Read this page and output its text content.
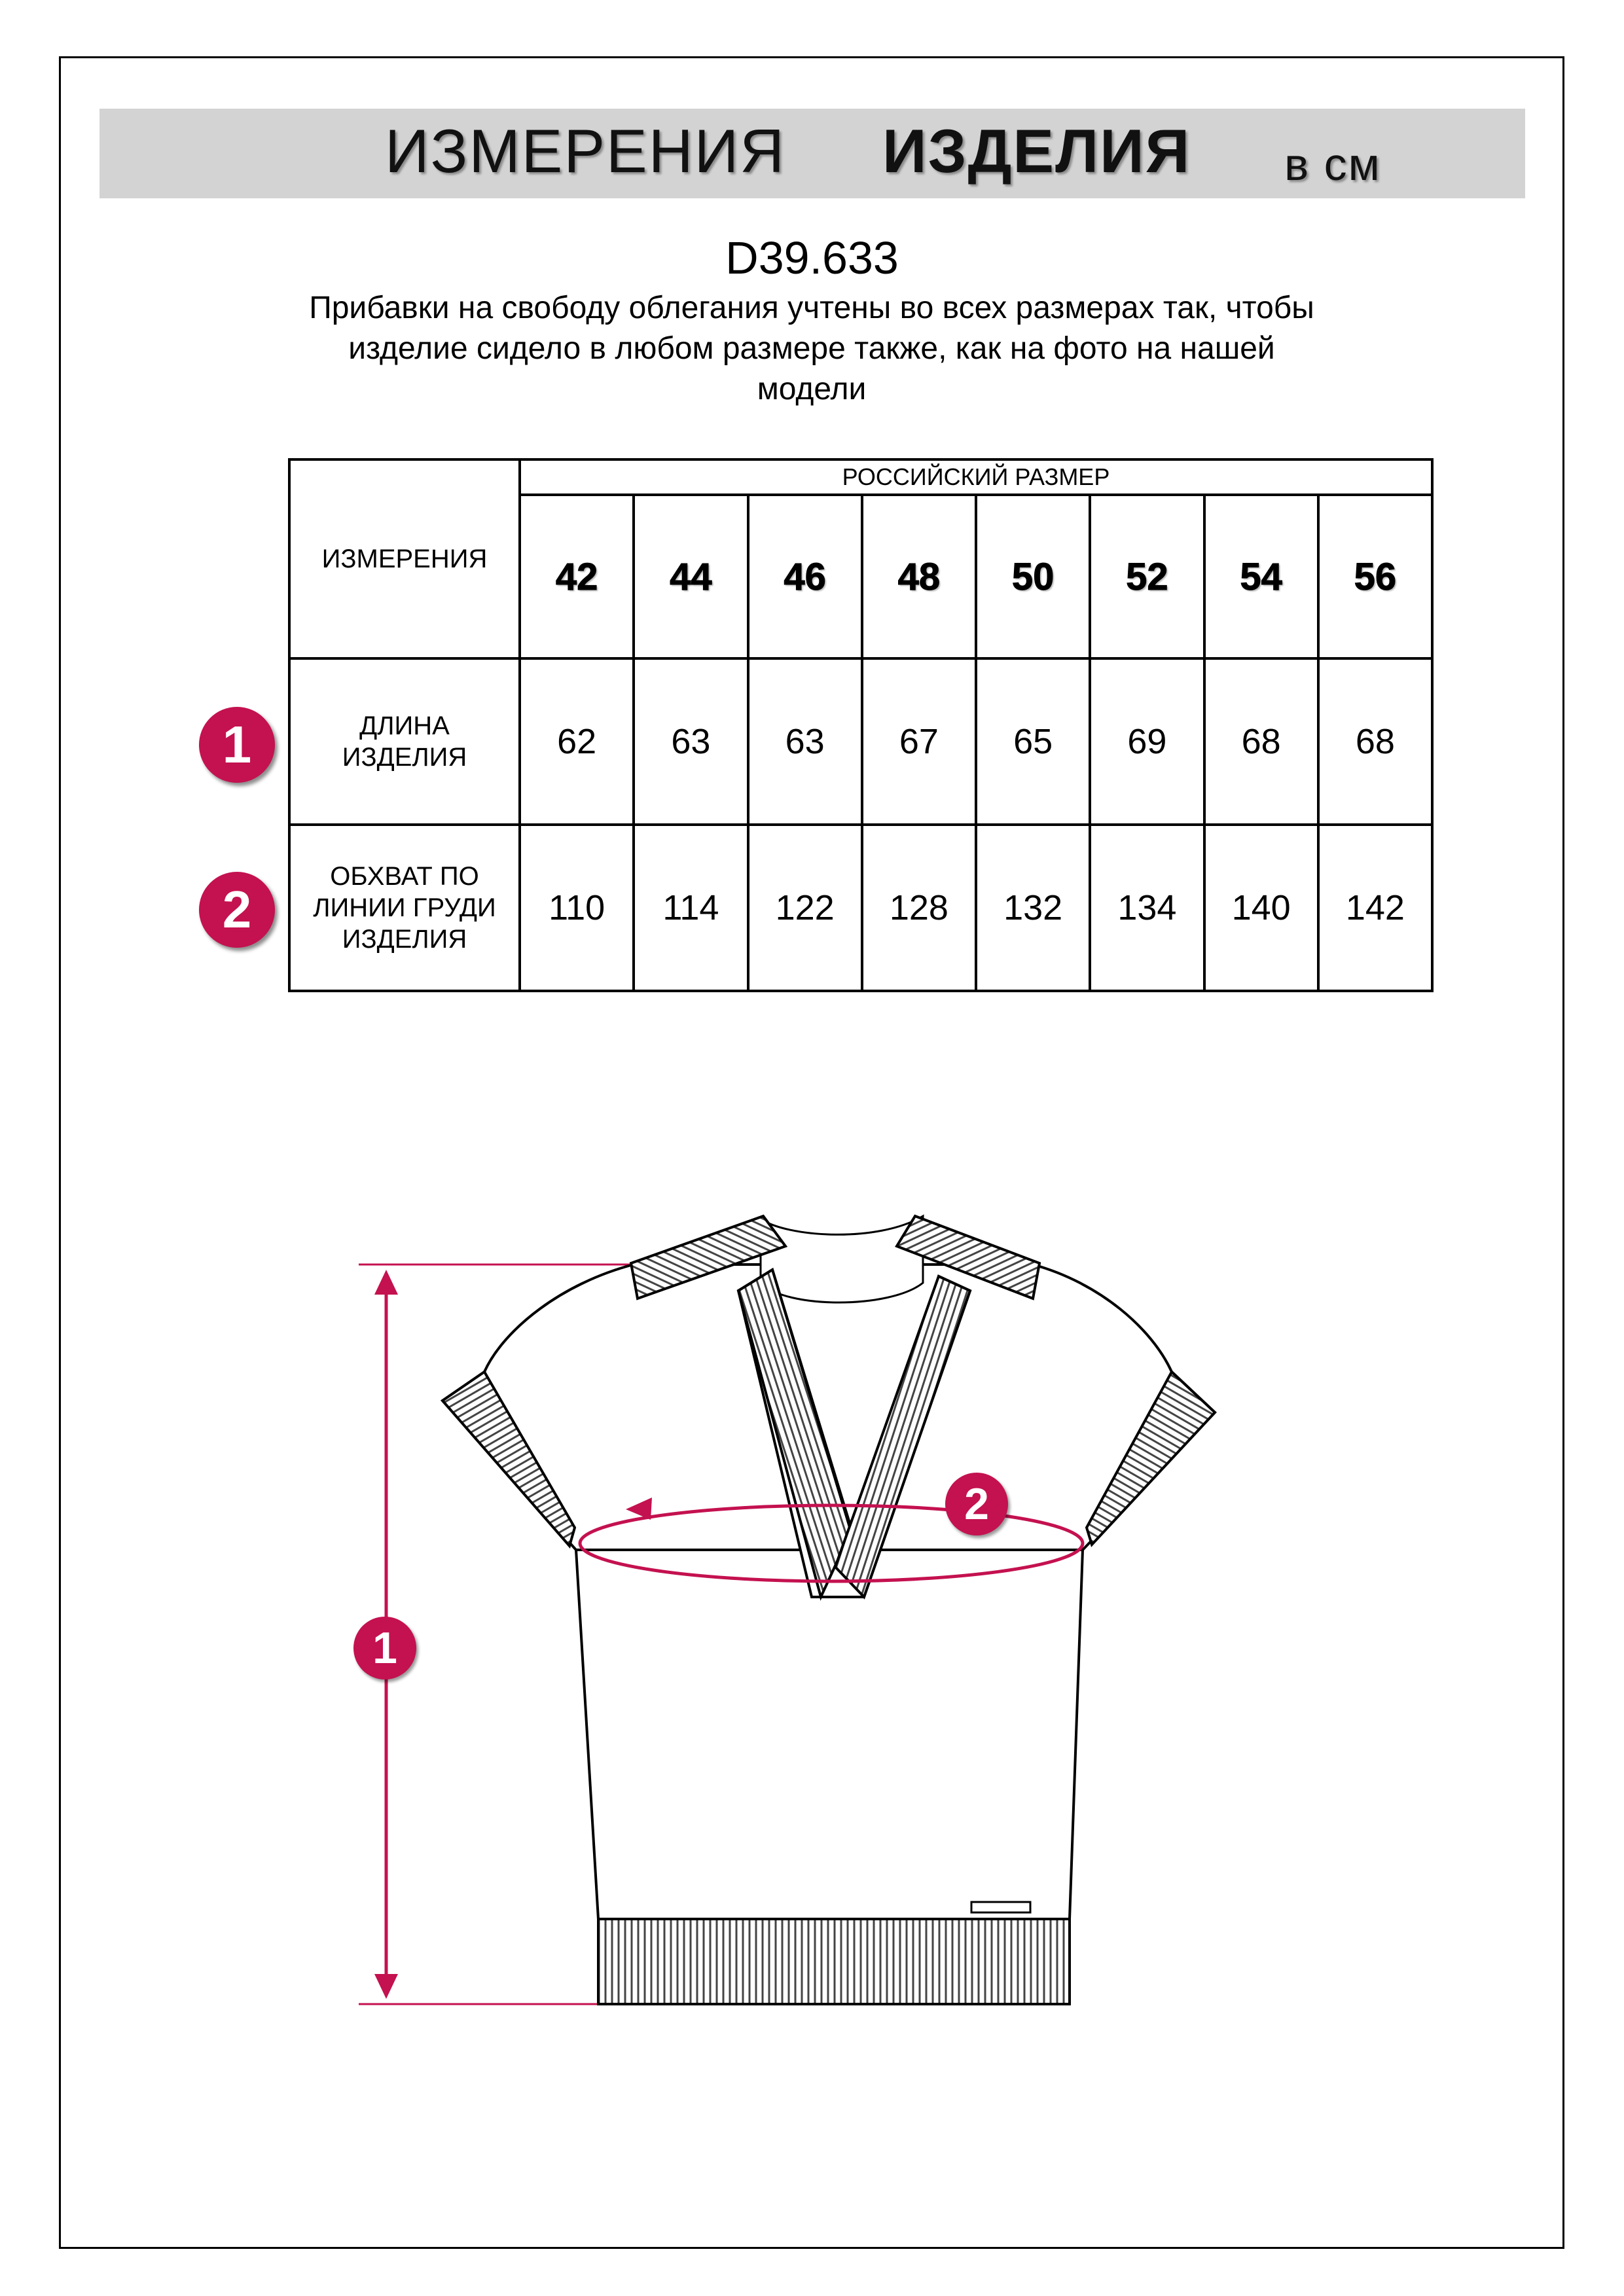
ИЗМЕРЕНИЯ ИЗДЕЛИЯ в см
D39.633
Прибавки на свободу облегания учтены во всех размерах так, чтобы
изделие сидело в любом размере также, как на фото на нашей
модели
ИЗМЕРЕНИЯ	РОССИЙСКИЙ РАЗМЕР							
	42	44	46	48	50	52	54	56

ДЛИНА
ИЗДЕЛИЯ	62	63	63	67	65	69	68	68

ОБХВАТ ПО
ЛИНИИ ГРУДИ
ИЗДЕЛИЯ	110	114	122	128	132	134	140	142
1
2
1
2
